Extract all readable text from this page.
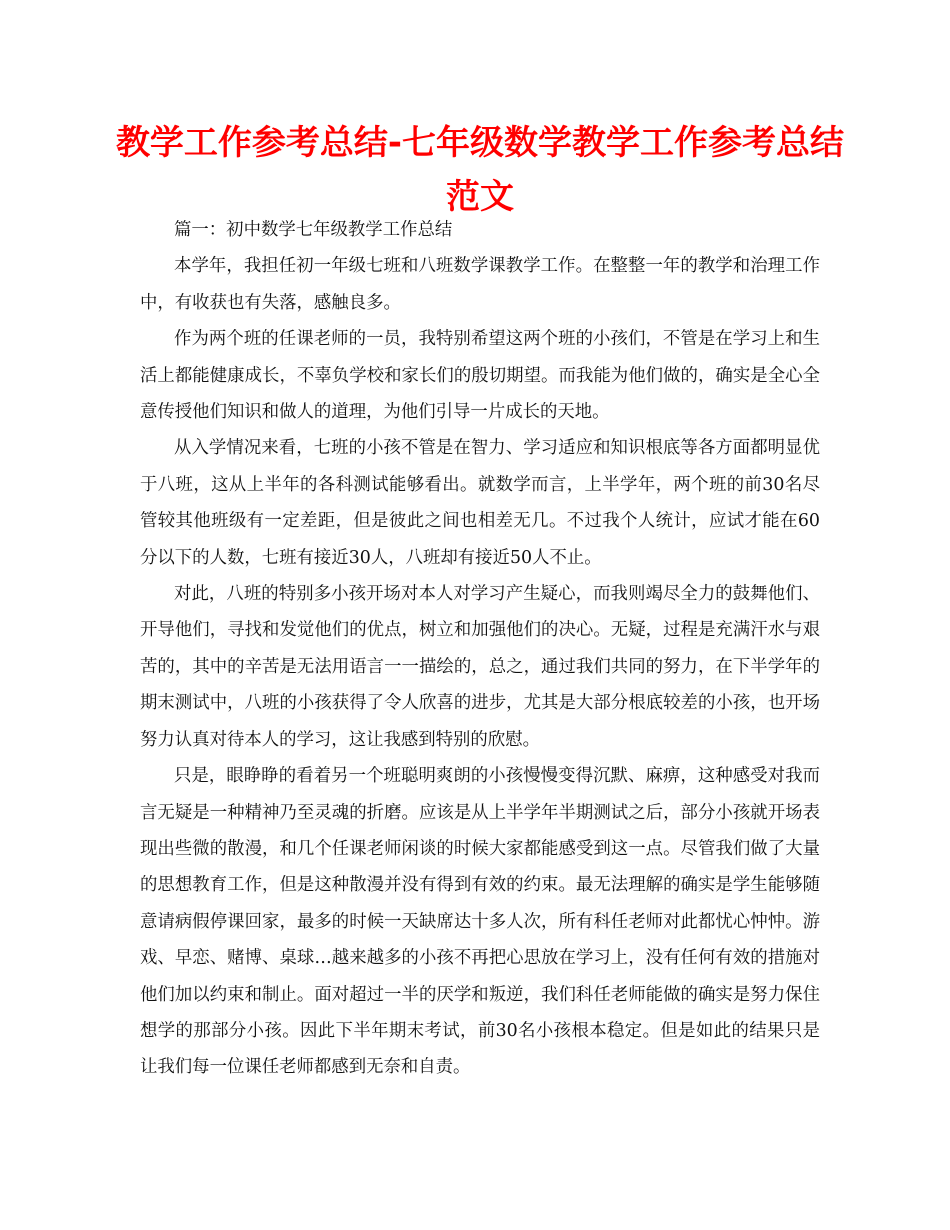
教学工作参考总结-七年级数学教学工作参考总结范文

篇一：初中数学七年级教学工作总结

本学年，我担任初一年级七班和八班数学课教学工作。在整整一年的教学和治理工作中，有收获也有失落，感触良多。

作为两个班的任课老师的一员，我特别希望这两个班的小孩们，不管是在学习上和生活上都能健康成长，不辜负学校和家长们的殷切期望。而我能为他们做的，确实是全心全意传授他们知识和做人的道理，为他们引导一片成长的天地。

从入学情况来看，七班的小孩不管是在智力、学习适应和知识根底等各方面都明显优于八班，这从上半年的各科测试能够看出。就数学而言，上半学年，两个班的前30名尽管较其他班级有一定差距，但是彼此之间也相差无几。不过我个人统计，应试才能在60分以下的人数，七班有接近30人，八班却有接近50人不止。

对此，八班的特别多小孩开场对本人对学习产生疑心，而我则竭尽全力的鼓舞他们、开导他们，寻找和发觉他们的优点，树立和加强他们的决心。无疑，过程是充满汗水与艰苦的，其中的辛苦是无法用语言一一描绘的，总之，通过我们共同的努力，在下半学年的期末测试中，八班的小孩获得了令人欣喜的进步，尤其是大部分根底较差的小孩，也开场努力认真对待本人的学习，这让我感到特别的欣慰。

只是，眼睁睁的看着另一个班聪明爽朗的小孩慢慢变得沉默、麻痹，这种感受对我而言无疑是一种精神乃至灵魂的折磨。应该是从上半学年半期测试之后，部分小孩就开场表现出些微的散漫，和几个任课老师闲谈的时候大家都能感受到这一点。尽管我们做了大量的思想教育工作，但是这种散漫并没有得到有效的约束。最无法理解的确实是学生能够随意请病假停课回家，最多的时候一天缺席达十多人次，所有科任老师对此都忧心忡忡。游戏、早恋、赌博、桌球…越来越多的小孩不再把心思放在学习上，没有任何有效的措施对他们加以约束和制止。面对超过一半的厌学和叛逆，我们科任老师能做的确实是努力保住想学的那部分小孩。因此下半年期末考试，前30名小孩根本稳定。但是如此的结果只是让我们每一位课任老师都感到无奈和自责。
